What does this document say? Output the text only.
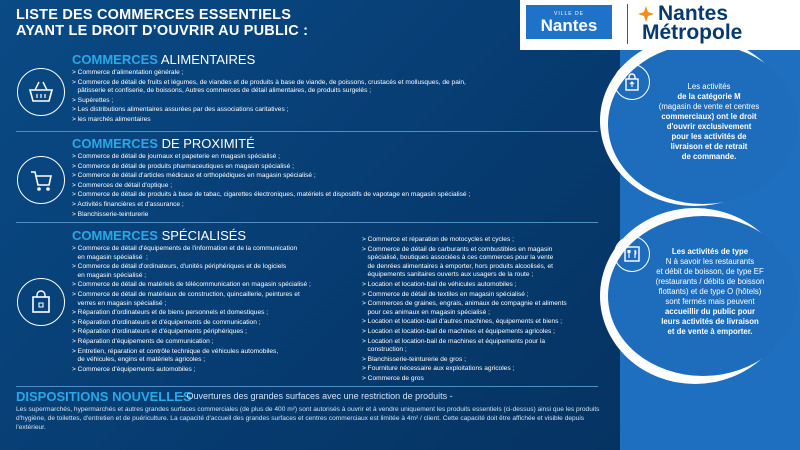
LISTE DES COMMERCES ESSENTIELS
AYANT LE DROIT D’OUVRIR AU PUBLIC :
Les activités
de la catégorie M
(magasin de vente et centres
commerciaux) ont le droit
d'ouvrir exclusivement
pour les activités de
livraison et de retrait
de commande.
Les activités de type
N à savoir les restaurants
et débit de boisson, de type EF
(restaurants / débits de boisson
flottants) et de type O (hôtels)
sont fermés mais peuvent
accueillir du public pour
leurs activités de livraison
et de vente à emporter.
VILLE DE
Nantes	Nantes
Métropole
COMMERCES ALIMENTAIRES
> Commerce d'alimentation générale ;
> Commerce de détail de fruits et légumes, de viandes et de produits à base de viande, de poissons, crustacés et mollusques, de pain,
pâtisserie et confiserie, de boissons, Autres commerces de détail alimentaires, de produits surgelés ;
> Supérettes ;
> Les distributions alimentaires assurées par des associations caritatives ;
> les marchés alimentaires
COMMERCES DE PROXIMITÉ
> Commerce de détail de journaux et papeterie en magasin spécialisé ;
> Commerce de détail de produits pharmaceutiques en magasin spécialisé ;
> Commerce de détail d'articles médicaux et orthopédiques en magasin spécialisé ;
> Commerces de détail d'optique ;
> Commerce de détail de produits à base de tabac, cigarettes électroniques, matériels et dispositifs de vapotage en magasin spécialisé ;
> Activités financières et d'assurance ;
> Blanchisserie-teinturerie
COMMERCES SPÉCIALISÉS
> Commerce de détail d'équipements de l'information et de la communication
en magasin spécialisé  ;
> Commerce de détail d'ordinateurs, d'unités périphériques et de logiciels
en magasin spécialisé ;
> Commerce de détail de matériels de télécommunication en magasin spécialisé ;
> Commerce de détail de matériaux de construction, quincaillerie, peintures et
verres en magasin spécialisé ;
> Réparation d'ordinateurs et de biens personnels et domestiques ;
> Réparation d'ordinateurs et d'équipements de communication ;
> Réparation d'ordinateurs et d'équipements périphériques ;
> Réparation d'équipements de communication ;
> Entretien, réparation et contrôle technique de véhicules automobiles,
de véhicules, engins et matériels agricoles ;
> Commerce d'équipements automobiles ;
> Commerce et réparation de motocycles et cycles ;
> Commerce de détail de carburants et combustibles en magasin
spécialisé, boutiques associées à ces commerces pour la vente
de denrées alimentaires à emporter, hors produits alcoolisés, et
équipements sanitaires ouverts aux usagers de la route ;
> Location et location-bail de véhicules automobiles ;
> Commerce de détail de textiles en magasin spécialisé ;
> Commerces de graines, engrais, animaux de compagnie et aliments
pour ces animaux en magasin spécialisé ;
> Location et location-bail d'autres machines, équipements et biens ;
> Location et location-bail de machines et équipements agricoles ;
> Location et location-bail de machines et équipements pour la
construction ;
> Blanchisserie-teinturerie de gros ;
> Fourniture nécessaire aux exploitations agricoles ;
> Commerce de gros
DISPOSITIONS NOUVELLES
- Ouvertures des grandes surfaces avec une restriction de produits -
Les supermarchés, hypermarchés et autres grandes surfaces commerciales (de plus de 400 m²) sont autorisés à ouvrir et à vendre uniquement les produits essentiels (ci-dessus) ainsi que les produits d'hygiène, de toilettes, d'entretien et de puériculture. La capacité d'accueil des grandes surfaces et centres commerciaux est limitée à 4m² / client. Cette capacité doit être affichée et visible depuis l'extérieur.
